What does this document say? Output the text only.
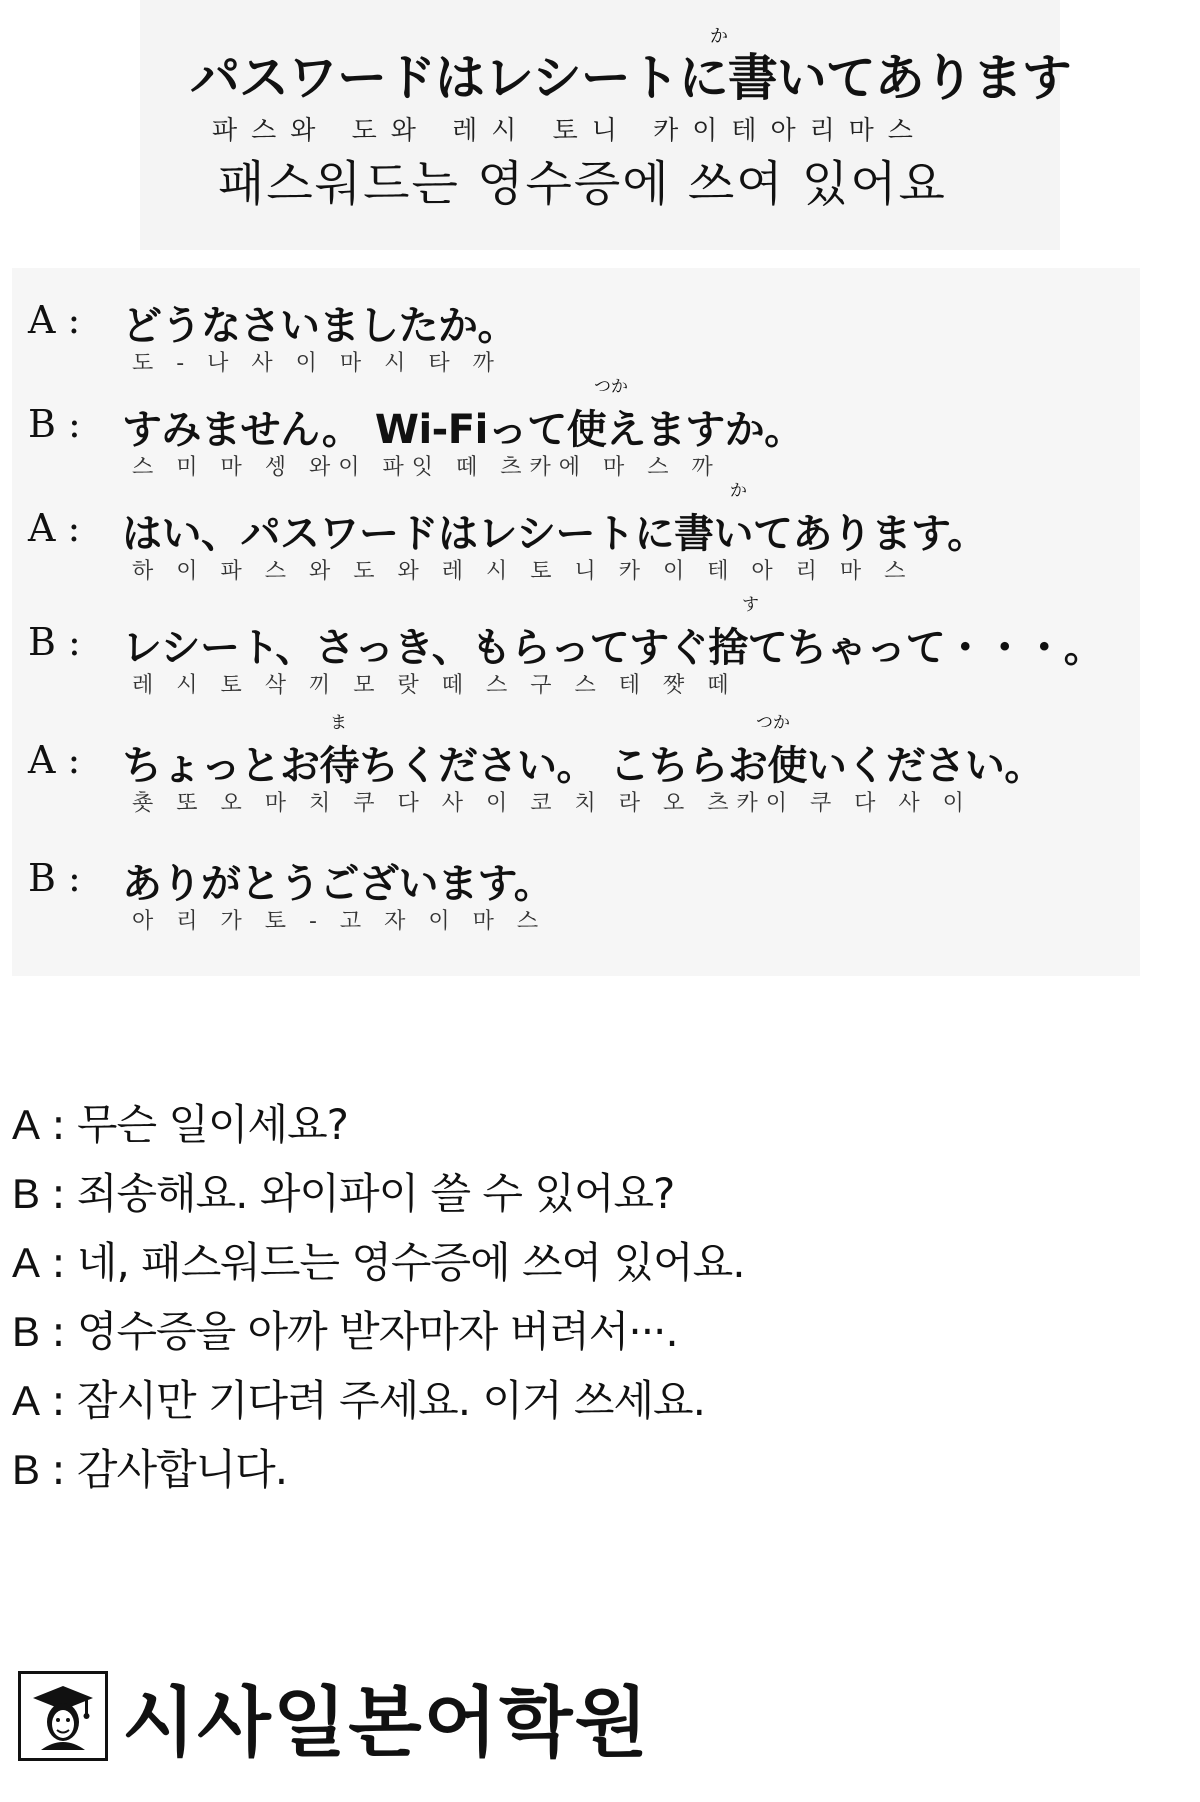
か
パスワードはレシートに書いてあります
파스와 도와 레시 토니 카이테아리마스
패스워드는 영수증에 쓰여 있어요
A : どうなさいましたか。
도 - 나 사 이 마 시 타 까
つか
B : すみません。 Wi-Fiって使えますか。
스 미 마 셍 와이 파잇 떼 츠카에 마 스 까
か
A : はい、パスワードはレシートに書いてあります。
하 이 파 스 와 도 와 레 시 토 니 카 이 테 아 리 마 스
す
B : レシート、さっき、もらってすぐ捨てちゃって・・・。
레 시 토 삭 끼 모 랏 떼 스 구 스 테 쨧 떼
ま	つか
A : ちょっとお待ちください。 こちらお使いください。
춋 또 오 마 치 쿠 다 사 이 코 치 라 오 츠카이 쿠 다 사 이
B : ありがとうございます。
아 리 가 토 - 고 자 이 마 스
A : 무슨 일이세요?
B : 죄송해요. 와이파이 쓸 수 있어요?
A : 네, 패스워드는 영수증에 쓰여 있어요.
B : 영수증을 아까 받자마자 버려서···.
A : 잠시만 기다려 주세요. 이거 쓰세요.
B : 감사합니다.
시사일본어학원
